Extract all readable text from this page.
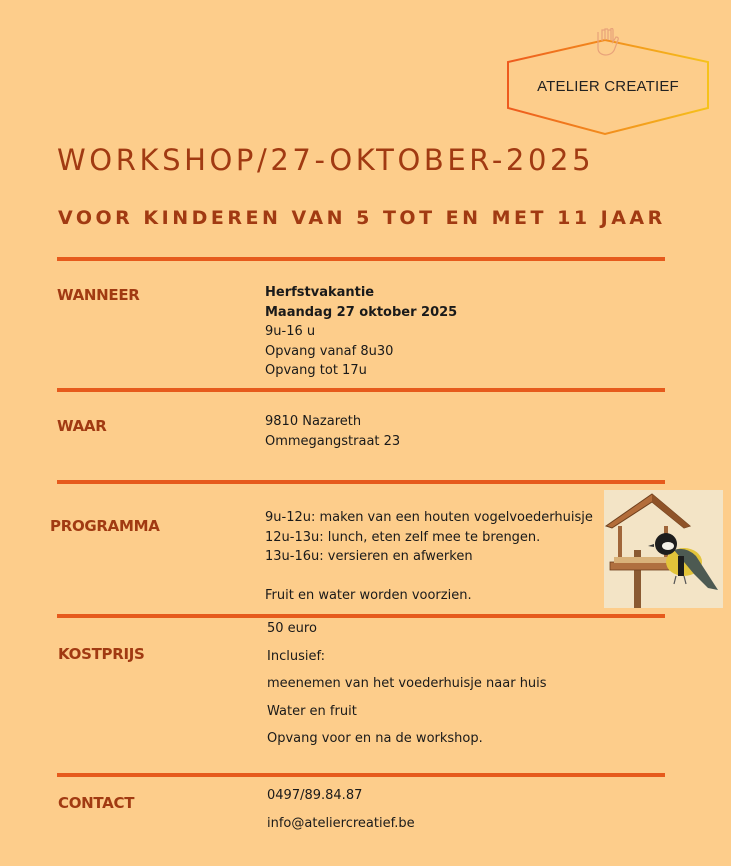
ATELIER CREATIEF
WORKSHOP/27-OKTOBER-2025
VOOR KINDEREN VAN 5 TOT EN MET 11 JAAR
WANNEER	Herfstvakantie
Maandag 27 oktober 2025
9u-16 u
Opvang vanaf 8u30
Opvang tot 17u
WAAR	9810 Nazareth
Ommegangstraat 23
PROGRAMMA	9u-12u: maken van een houten vogelvoederhuisje
12u-13u: lunch, eten zelf mee te brengen.
13u-16u: versieren en afwerken
Fruit en water worden voorzien.
KOSTPRIJS
50 euro
Inclusief:
meenemen van het voederhuisje naar huis
Water en fruit
Opvang voor en na de workshop.
CONTACT	0497/89.84.87
info@ateliercreatief.be
